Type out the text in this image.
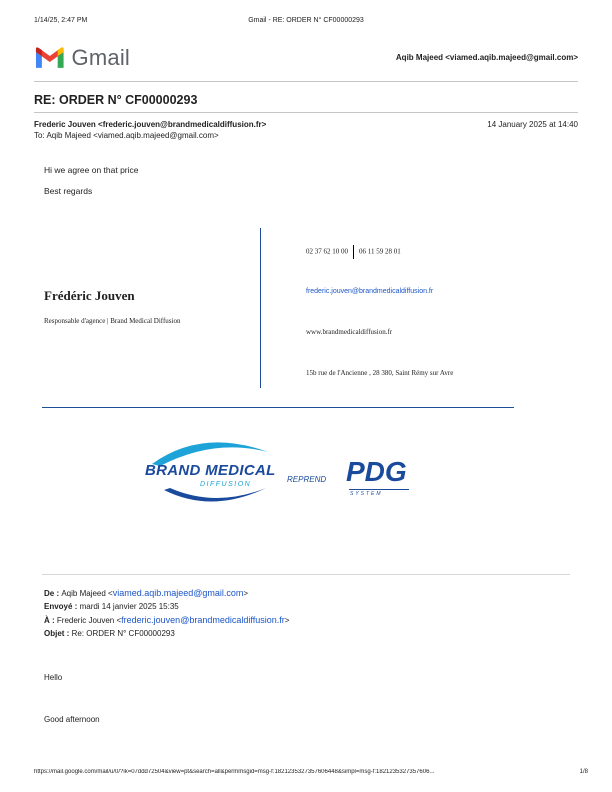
1/14/25, 2:47 PM	Gmail - RE: ORDER N° CF00000293
Gmail	Aqib Majeed <viamed.aqib.majeed@gmail.com>
RE: ORDER N° CF00000293
Frederic Jouven <frederic.jouven@brandmedicaldiffusion.fr>	14 January 2025 at 14:40
To: Aqib Majeed <viamed.aqib.majeed@gmail.com>
Hi we agree on that price
Best regards
Frédéric Jouven
Responsable d'agence | Brand Medical Diffusion
02 37 62 10 00 06 11 59 28 01
frederic.jouven@brandmedicaldiffusion.fr
www.brandmedicaldiffusion.fr
15b rue de l'Ancienne , 28 380, Saint Rémy sur Avre
BRAND MEDICAL
DIFFUSION
REPREND PDG
SYSTEM
De : Aqib Majeed <viamed.aqib.majeed@gmail.com>
Envoyé : mardi 14 janvier 2025 15:35
À : Frederic Jouven <frederic.jouven@brandmedicaldiffusion.fr>
Objet : Re: ORDER N° CF00000293
Hello
Good afternoon
https://mail.google.com/mail/u/0/?ik=07ddd72504&view=pt&search=all&permmsgid=msg-f:1821235327357606448&simpl=msg-f:1821235327357606...	1/8
